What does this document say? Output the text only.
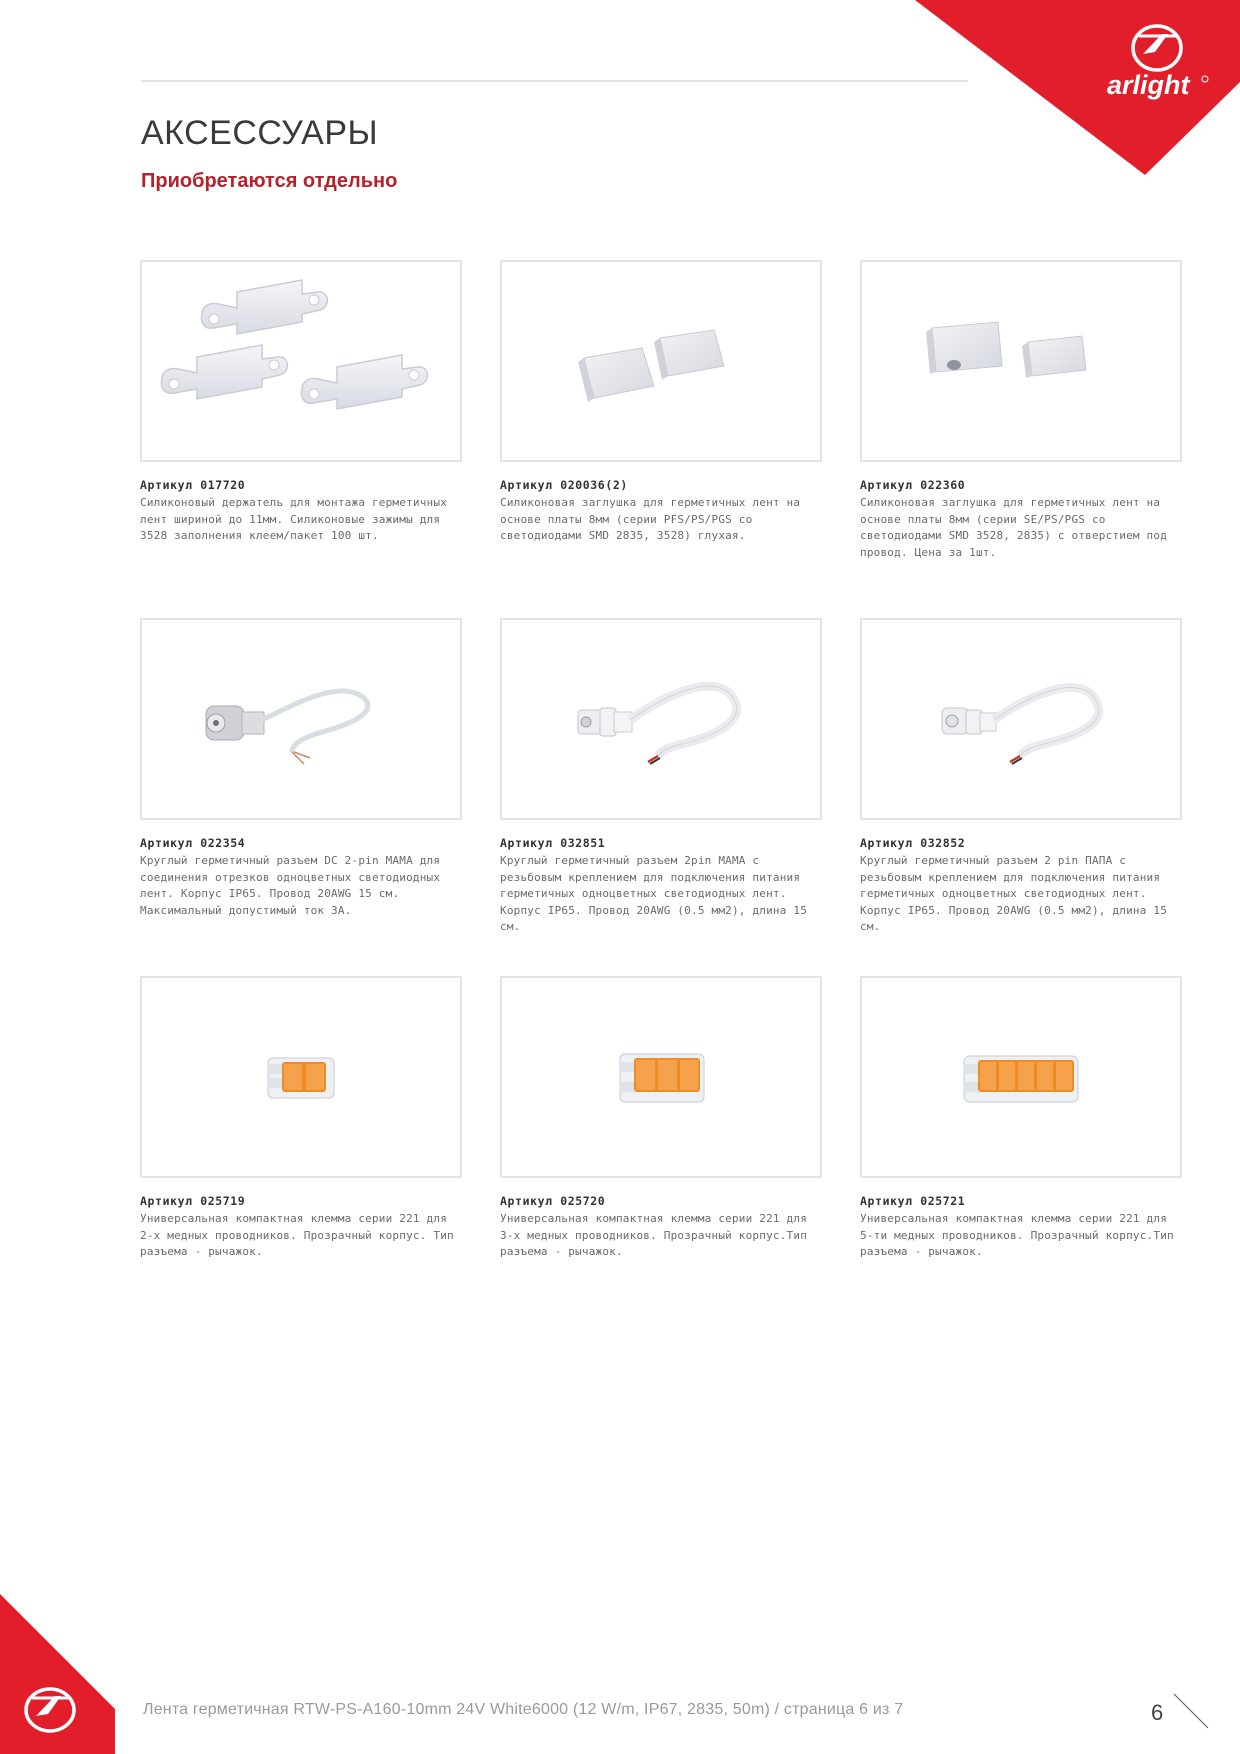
arlight
АКСЕССУАРЫ
Приобретаются отдельно
Артикул 017720
Силиконовый держатель для монтажа герметичных лент шириной до 11мм. Силиконовые зажимы для 3528 заполнения клеем/пакет 100 шт.
Артикул 020036(2)
Силиконовая заглушка для герметичных лент на основе платы 8мм (серии PFS/PS/PGS со светодиодами SMD 2835, 3528) глухая.
Артикул 022360
Силиконовая заглушка для герметичных лент на основе платы 8мм (серии SE/PS/PGS со светодиодами SMD 3528, 2835) с отверстием под провод. Цена за 1шт.
Артикул 022354
Круглый герметичный разъем DC 2-pin MAMA для соединения отрезков одноцветных светодиодных лент. Корпус IP65. Провод 20AWG 15 см. Максимальный допустимый ток 3А.
Артикул 032851
Круглый герметичный разъем 2pin MAMA с резьбовым креплением для подключения питания герметичных одноцветных светодиодных лент. Корпус IP65. Провод 20AWG (0.5 мм2), длина 15 см.
Артикул 032852
Круглый герметичный разъем 2 pin ПАПА с резьбовым креплением для подключения питания герметичных одноцветных светодиодных лент. Корпус IP65. Провод 20AWG (0.5 мм2), длина 15 см.
Артикул 025719
Универсальная компактная клемма серии 221 для 2-х медных проводников. Прозрачный корпус. Тип разъема - рычажок.
Артикул 025720
Универсальная компактная клемма серии 221 для 3-х медных проводников. Прозрачный корпус.Тип разъема - рычажок.
Артикул 025721
Универсальная компактная клемма серии 221 для 5-ти медных проводников. Прозрачный корпус.Тип разъема - рычажок.
Лента герметичная RTW-PS-A160-10mm 24V White6000 (12 W/m, IP67, 2835, 50m) / страница 6 из 7	6
